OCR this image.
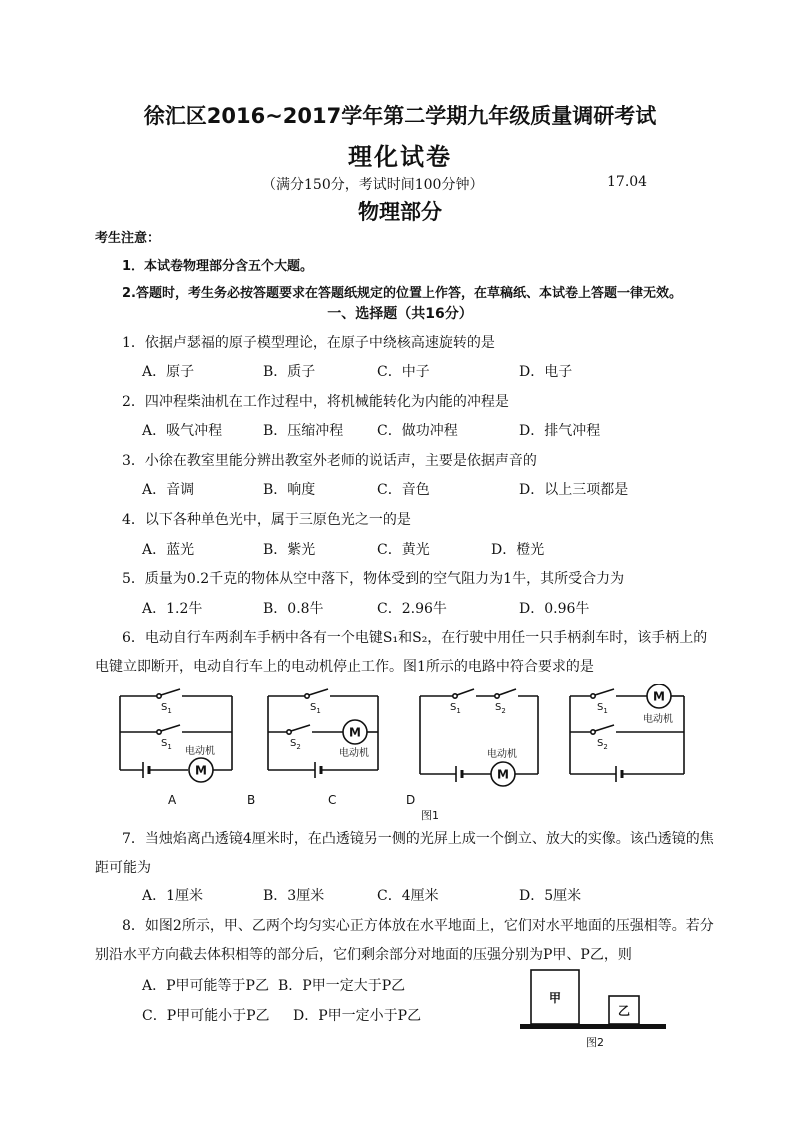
徐汇区2016~2017学年第二学期九年级质量调研考试
理化试卷
（满分150分，考试时间100分钟）	17.04
物理部分
考生注意：
1．本试卷物理部分含五个大题。
2.答题时，考生务必按答题要求在答题纸规定的位置上作答，在草稿纸、本试卷上答题一律无效。
一、选择题（共16分）
1．依据卢瑟福的原子模型理论，在原子中绕核高速旋转的是
A．原子	B．质子	C．中子	D．电子
2．四冲程柴油机在工作过程中，将机械能转化为内能的冲程是
A．吸气冲程	B．压缩冲程 C．做功冲程	D．排气冲程
3．小徐在教室里能分辨出教室外老师的说话声，主要是依据声音的
A．音调	B．响度	C．音色	D．以上三项都是
4．以下各种单色光中，属于三原色光之一的是
A．蓝光	B．紫光	C．黄光	D．橙光
5．质量为0.2千克的物体从空中落下，物体受到的空气阻力为1牛，其所受合力为
A．1.2牛	B．0.8牛	C．2.96牛	D．0.96牛
6．电动自行车两刹车手柄中各有一个电键S₁和S₂，在行驶中用任一只手柄刹车时，该手柄上的
电键立即断开，电动自行车上的电动机停止工作。图1所示的电路中符合要求的是
$S_1$
$S_1$ 电动机
M
$S_1$
$S_2$
电动机
M
$S_1$	$S_2$
电动机
M
$S_1$
$S_2$
电动机
M
A	B	C	D
图1
7．当烛焰离凸透镜4厘米时，在凸透镜另一侧的光屏上成一个倒立、放大的实像。该凸透镜的焦
距可能为
A．1厘米	B．3厘米	C．4厘米	D．5厘米
8．如图2所示，甲、乙两个均匀实心正方体放在水平地面上，它们对水平地面的压强相等。若分
别沿水平方向截去体积相等的部分后，它们剩余部分对地面的压强分别为P甲、P乙，则
A．P甲可能等于P乙 B．P甲一定大于P乙
C．P甲可能小于P乙 D．P甲一定小于P乙
甲
乙
图2
